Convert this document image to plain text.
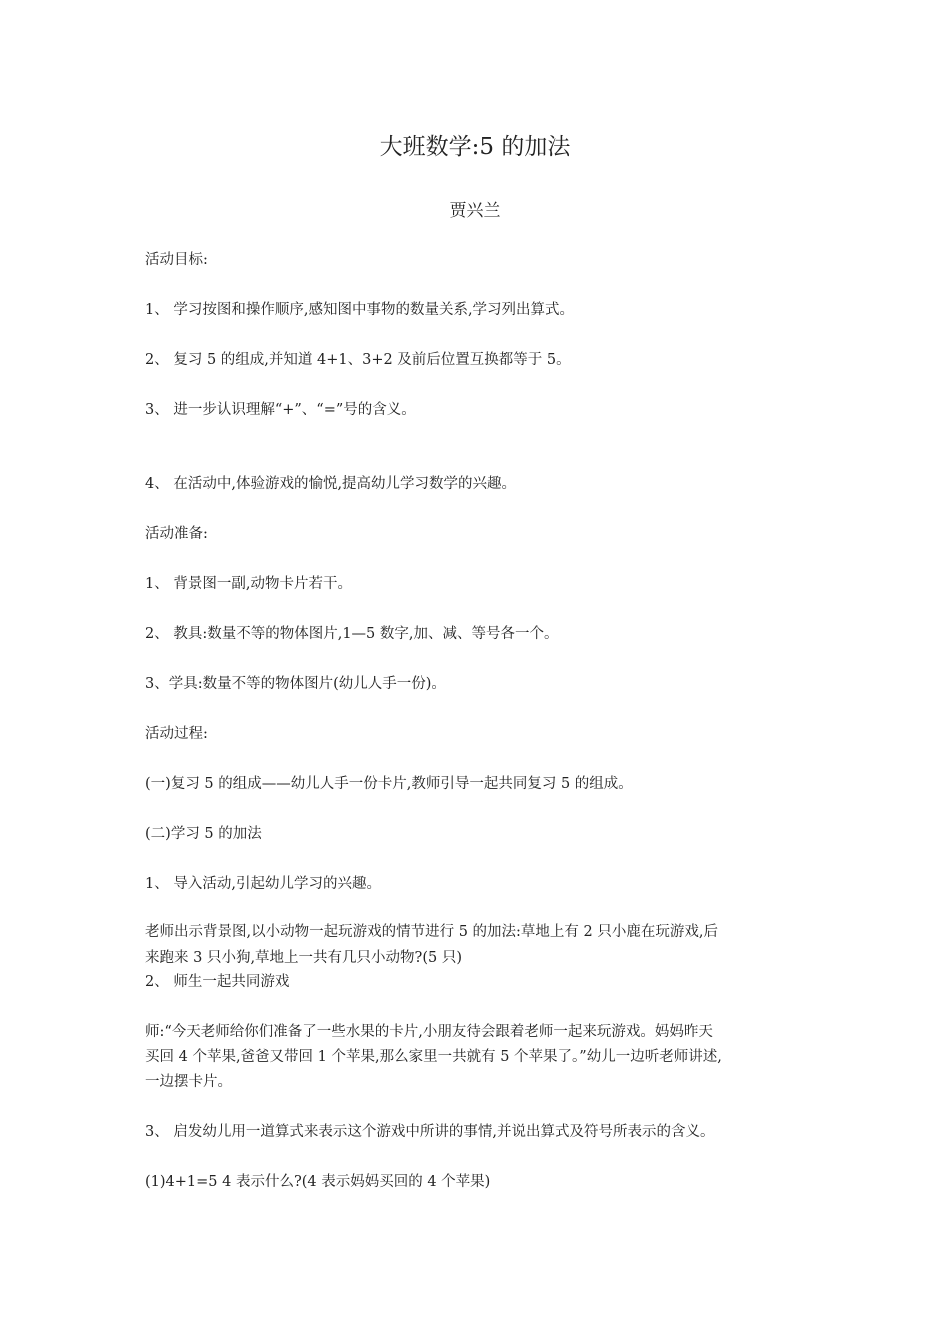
大班数学:5 的加法
贾兴兰
活动目标:
1、 学习按图和操作顺序,感知图中事物的数量关系,学习列出算式。
2、 复习 5 的组成,并知道 4+1、3+2 及前后位置互换都等于 5。
3、 进一步认识理解“+”、“=”号的含义。
4、 在活动中,体验游戏的愉悦,提高幼儿学习数学的兴趣。
活动准备:
1、 背景图一副,动物卡片若干。
2、 教具:数量不等的物体图片,1—5 数字,加、减、等号各一个。
3、学具:数量不等的物体图片(幼儿人手一份)。
活动过程:
(一)复习 5 的组成——幼儿人手一份卡片,教师引导一起共同复习 5 的组成。
(二)学习 5 的加法
1、 导入活动,引起幼儿学习的兴趣。
老师出示背景图,以小动物一起玩游戏的情节进行 5 的加法:草地上有 2 只小鹿在玩游戏,后
来跑来 3 只小狗,草地上一共有几只小动物?(5 只)
2、 师生一起共同游戏
师:“今天老师给你们准备了一些水果的卡片,小朋友待会跟着老师一起来玩游戏。妈妈昨天
买回 4 个苹果,爸爸又带回 1 个苹果,那么家里一共就有 5 个苹果了。”幼儿一边听老师讲述,
一边摆卡片。
3、 启发幼儿用一道算式来表示这个游戏中所讲的事情,并说出算式及符号所表示的含义。
(1)4+1=5 4 表示什么?(4 表示妈妈买回的 4 个苹果)
